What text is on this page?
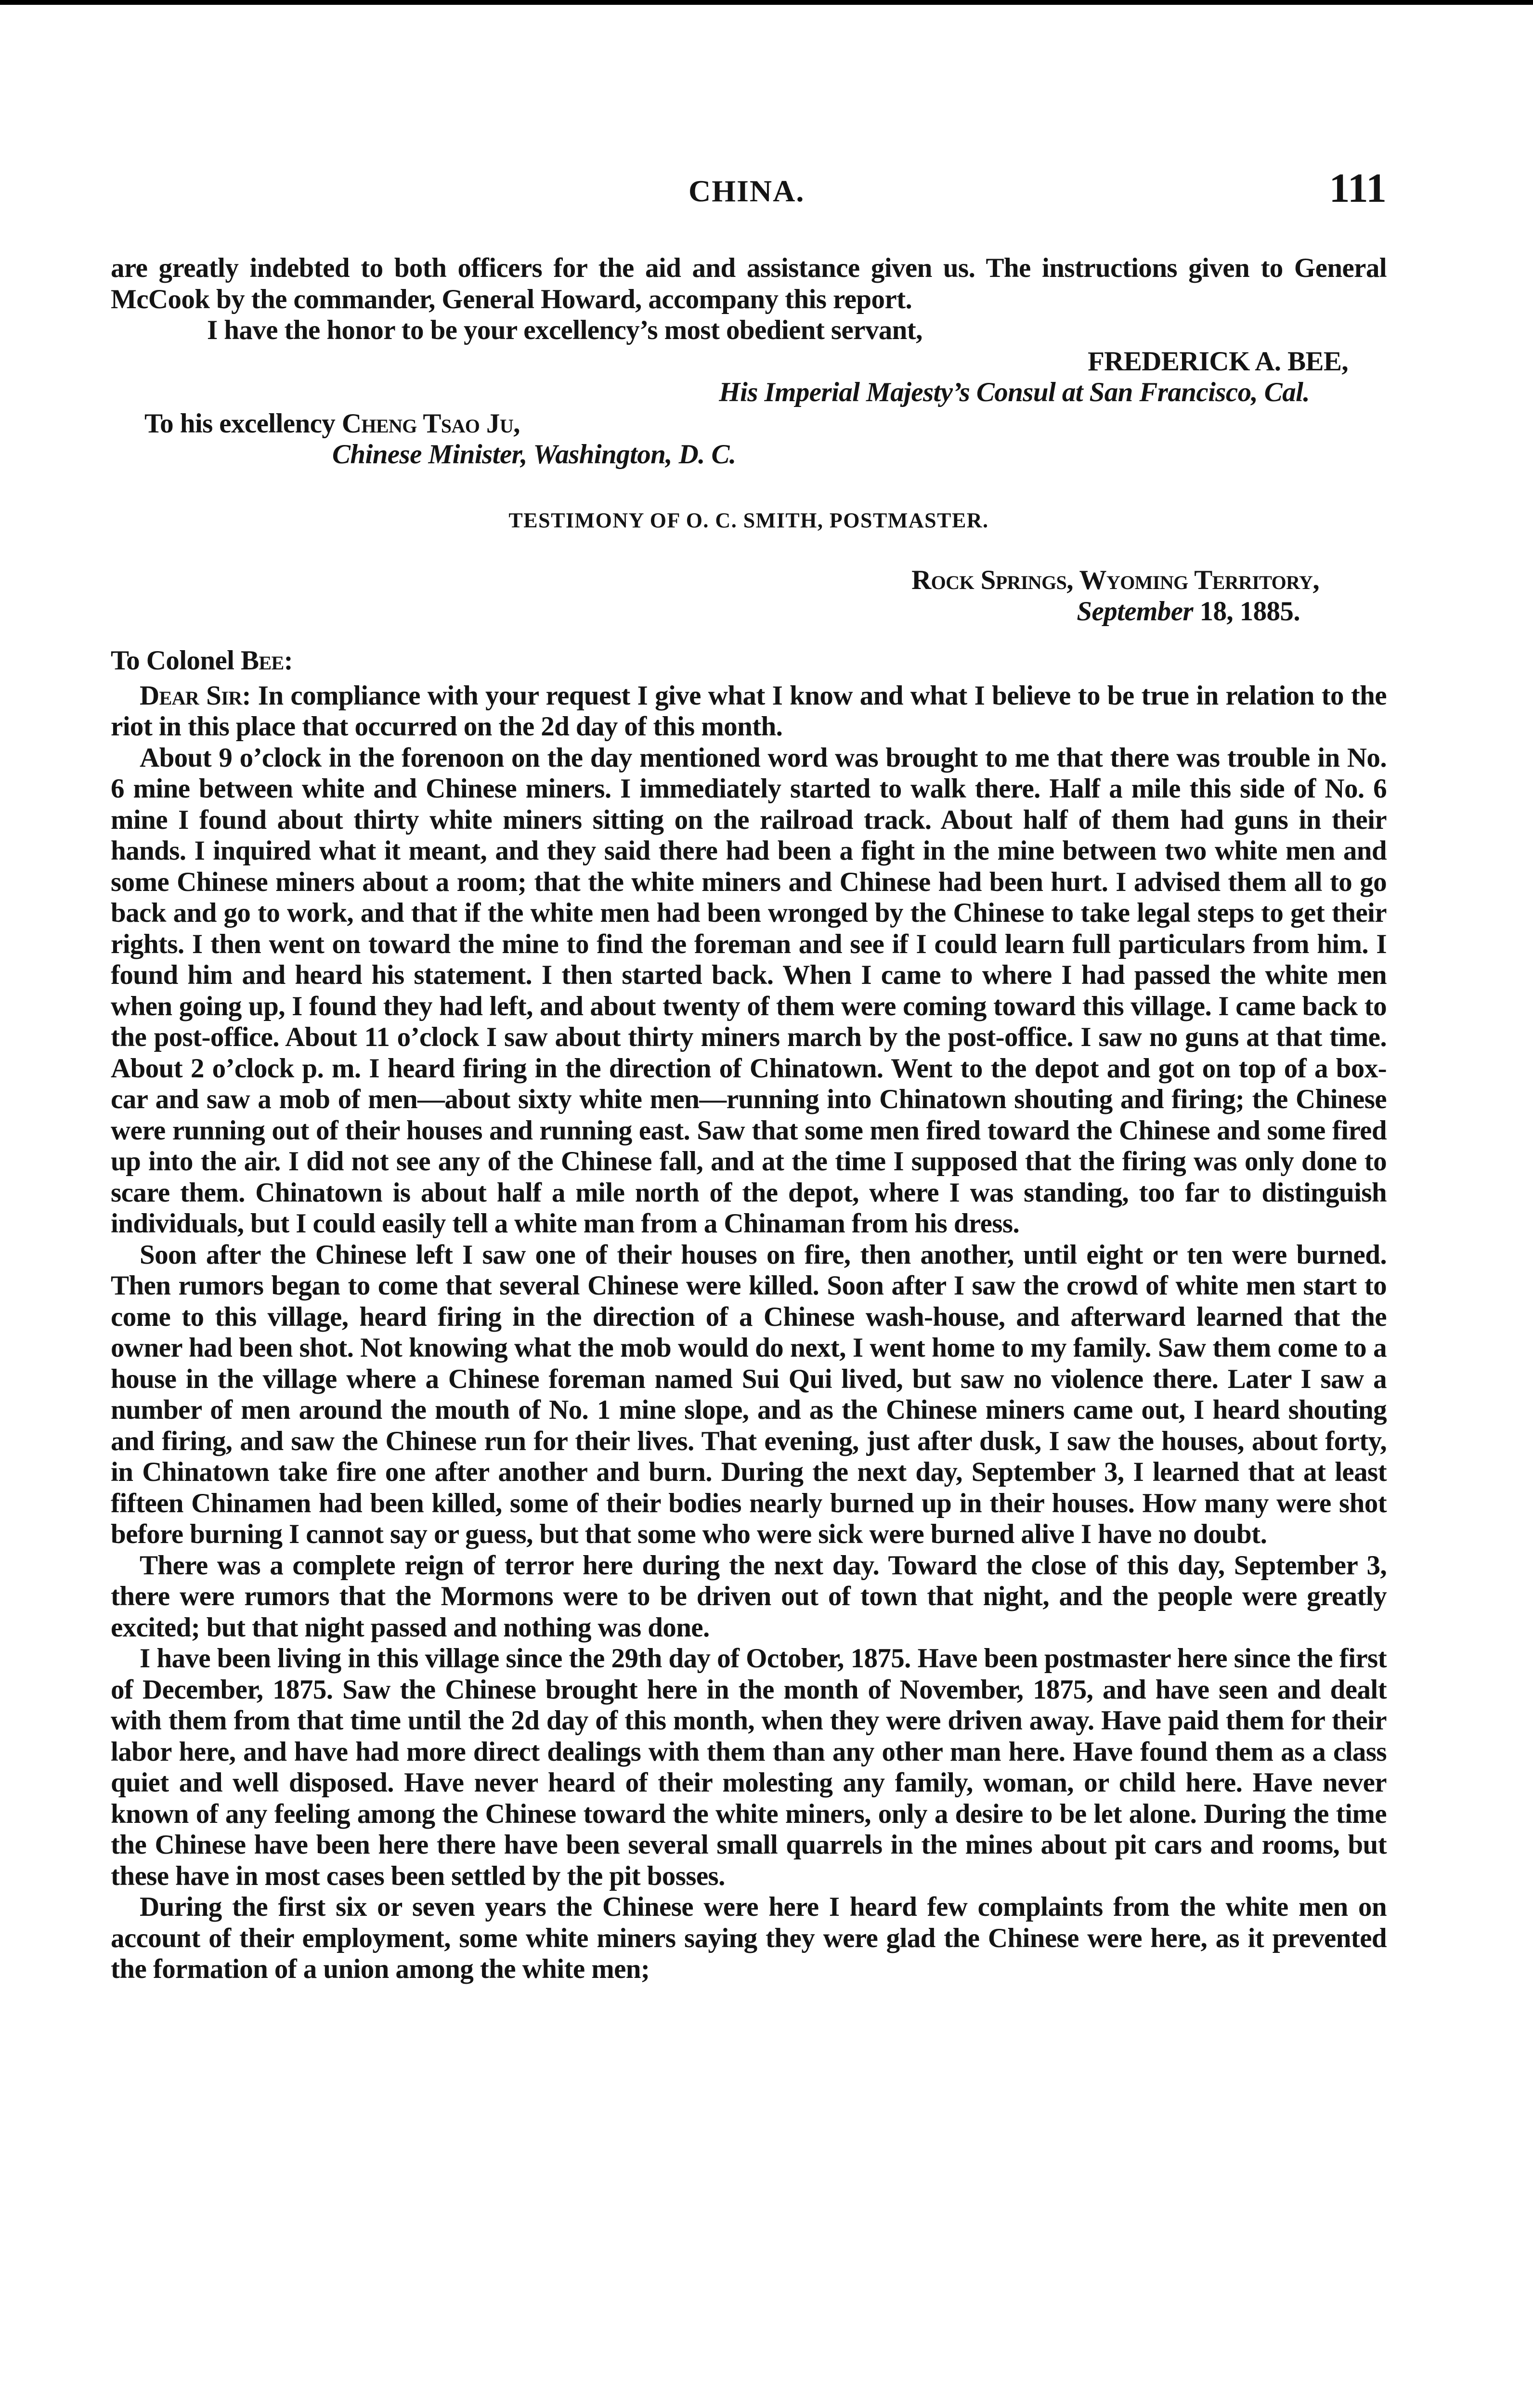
CHINA.	111

are greatly indebted to both officers for the aid and assistance given us. The instructions given to General McCook by the commander, General Howard, accompany this report.

I have the honor to be your excellency’s most obedient servant,

FREDERICK A. BEE,

His Imperial Majesty’s Consul at San Francisco, Cal.

To his excellency Cheng Tsao Ju,

Chinese Minister, Washington, D. C.

TESTIMONY OF O. C. SMITH, POSTMASTER.

Rock Springs, Wyoming Territory,

September 18, 1885.

To Colonel Bee:

Dear Sir: In compliance with your request I give what I know and what I believe to be true in relation to the riot in this place that occurred on the 2d day of this month.

About 9 o’clock in the forenoon on the day mentioned word was brought to me that there was trouble in No. 6 mine between white and Chinese miners. I immediately started to walk there. Half a mile this side of No. 6 mine I found about thirty white miners sitting on the railroad track. About half of them had guns in their hands. I inquired what it meant, and they said there had been a fight in the mine between two white men and some Chinese miners about a room; that the white miners and Chinese had been hurt. I advised them all to go back and go to work, and that if the white men had been wronged by the Chinese to take legal steps to get their rights. I then went on toward the mine to find the foreman and see if I could learn full particulars from him. I found him and heard his statement. I then started back. When I came to where I had passed the white men when going up, I found they had left, and about twenty of them were coming toward this village. I came back to the post-office. About 11 o’clock I saw about thirty miners march by the post-office. I saw no guns at that time. About 2 o’clock p. m. I heard firing in the direction of Chinatown. Went to the depot and got on top of a box-car and saw a mob of men—about sixty white men—running into Chinatown shouting and firing; the Chinese were running out of their houses and running east. Saw that some men fired toward the Chinese and some fired up into the air. I did not see any of the Chinese fall, and at the time I supposed that the firing was only done to scare them. Chinatown is about half a mile north of the depot, where I was standing, too far to distinguish individuals, but I could easily tell a white man from a Chinaman from his dress.

Soon after the Chinese left I saw one of their houses on fire, then another, until eight or ten were burned. Then rumors began to come that several Chinese were killed. Soon after I saw the crowd of white men start to come to this village, heard firing in the direction of a Chinese wash-house, and afterward learned that the owner had been shot. Not knowing what the mob would do next, I went home to my family. Saw them come to a house in the village where a Chinese foreman named Sui Qui lived, but saw no violence there. Later I saw a number of men around the mouth of No. 1 mine slope, and as the Chinese miners came out, I heard shouting and firing, and saw the Chinese run for their lives. That evening, just after dusk, I saw the houses, about forty, in Chinatown take fire one after another and burn. During the next day, September 3, I learned that at least fifteen Chinamen had been killed, some of their bodies nearly burned up in their houses. How many were shot before burning I cannot say or guess, but that some who were sick were burned alive I have no doubt.

There was a complete reign of terror here during the next day. Toward the close of this day, September 3, there were rumors that the Mormons were to be driven out of town that night, and the people were greatly excited; but that night passed and nothing was done.

I have been living in this village since the 29th day of October, 1875. Have been postmaster here since the first of December, 1875. Saw the Chinese brought here in the month of November, 1875, and have seen and dealt with them from that time until the 2d day of this month, when they were driven away. Have paid them for their labor here, and have had more direct dealings with them than any other man here. Have found them as a class quiet and well disposed. Have never heard of their molesting any family, woman, or child here. Have never known of any feeling among the Chinese toward the white miners, only a desire to be let alone. During the time the Chinese have been here there have been several small quarrels in the mines about pit cars and rooms, but these have in most cases been settled by the pit bosses.

During the first six or seven years the Chinese were here I heard few complaints from the white men on account of their employment, some white miners saying they were glad the Chinese were here, as it prevented the formation of a union among the white men;
